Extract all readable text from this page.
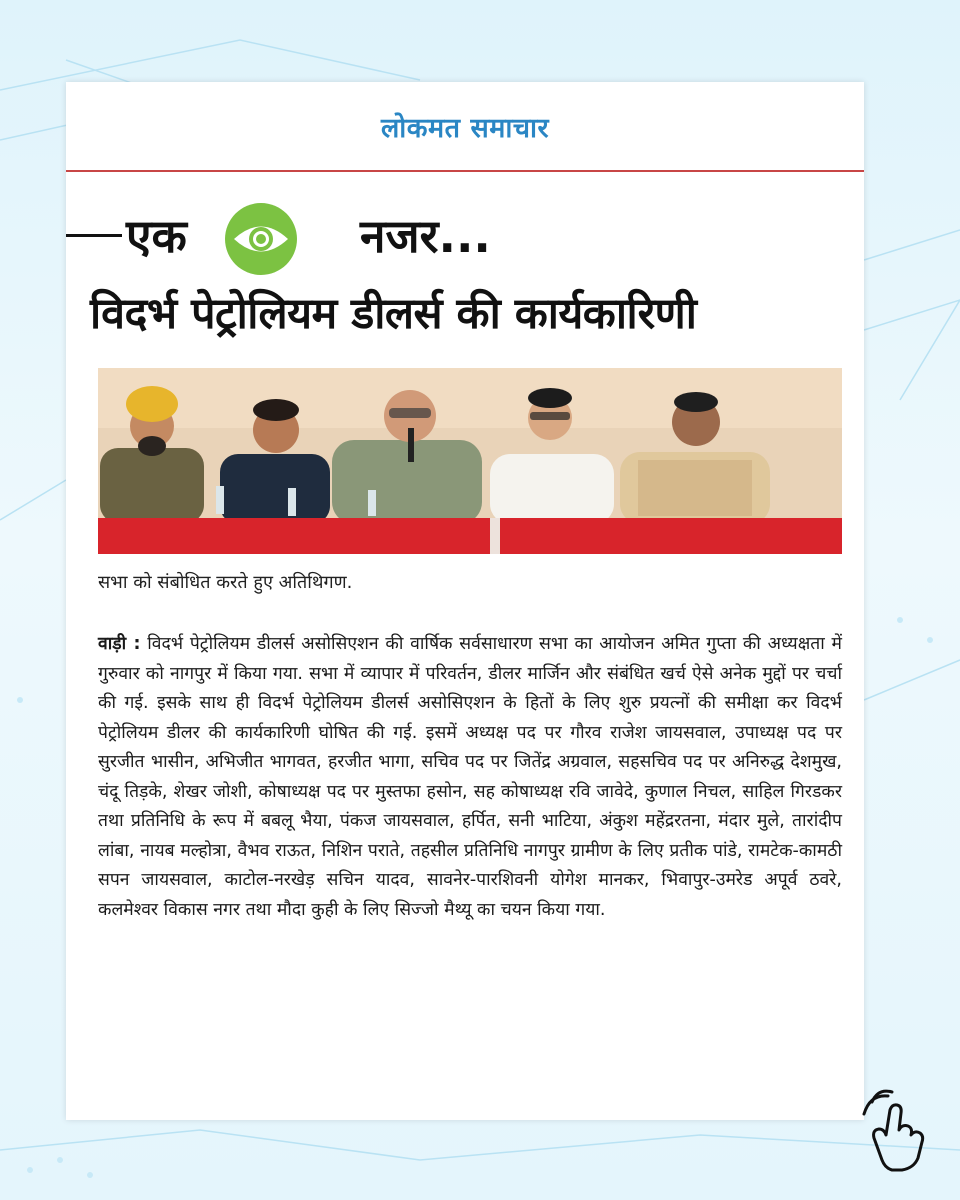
लोकमत समाचार
एक	नजर...
विदर्भ पेट्रोलियम डीलर्स की कार्यकारिणी
सभा को संबोधित करते हुए अतिथिगण.
वाड़ी : विदर्भ पेट्रोलियम डीलर्स असोसिएशन की वार्षिक सर्वसाधारण सभा का आयोजन अमित गुप्ता की अध्यक्षता में गुरुवार को नागपुर में किया गया. सभा में व्यापार में परिवर्तन, डीलर मार्जिन और संबंधित खर्च ऐसे अनेक मुद्दों पर चर्चा की गई. इसके साथ ही विदर्भ पेट्रोलियम डीलर्स असोसिएशन के हितों के लिए शुरु प्रयत्नों की समीक्षा कर विदर्भ पेट्रोलियम डीलर की कार्यकारिणी घोषित की गई. इसमें अध्यक्ष पद पर गौरव राजेश जायसवाल, उपाध्यक्ष पद पर सुरजीत भासीन, अभिजीत भागवत, हरजीत भागा, सचिव पद पर जितेंद्र अग्रवाल, सहसचिव पद पर अनिरुद्ध देशमुख, चंदू तिड़के, शेखर जोशी, कोषाध्यक्ष पद पर मुस्तफा हसोन, सह कोषाध्यक्ष रवि जावेदे, कुणाल निचल, साहिल गिरडकर तथा प्रतिनिधि के रूप में बबलू भैया, पंकज जायसवाल, हर्पित, सनी भाटिया, अंकुश महेंद्ररतना, मंदार मुले, तारांदीप लांबा, नायब मल्होत्रा, वैभव राऊत, निशिन पराते, तहसील प्रतिनिधि नागपुर ग्रामीण के लिए प्रतीक पांडे, रामटेक-कामठी सपन जायसवाल, काटोल-नरखेड़ सचिन यादव, सावनेर-पारशिवनी योगेश मानकर, भिवापुर-उमरेड अपूर्व ठवरे, कलमेश्वर विकास नगर तथा मौदा कुही के लिए सिज्जो मैथ्यू का चयन किया गया.
